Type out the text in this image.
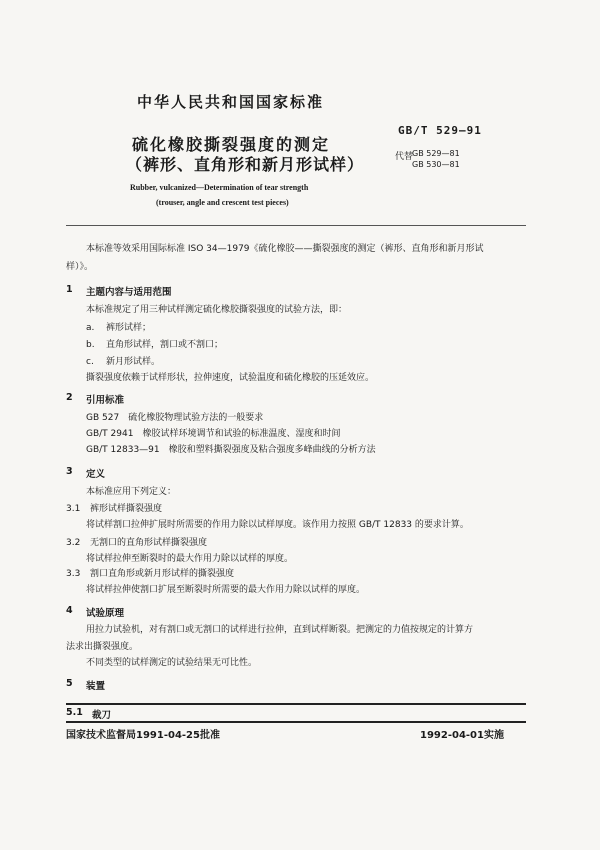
中华人民共和国国家标准
硫化橡胶撕裂强度的测定
GB/T 529—91
（裤形、直角形和新月形试样）	代替
GB 529—81
GB 530—81
Rubber, vulcanized—Determination of tear strength
(trouser, angle and crescent test pieces)
本标准等效采用国际标准 ISO 34—1979《硫化橡胶——撕裂强度的测定（裤形、直角形和新月形试
样）》。
1 主题内容与适用范围
本标准规定了用三种试样测定硫化橡胶撕裂强度的试验方法，即：
a. 裤形试样；
b. 直角形试样，割口或不割口；
c. 新月形试样。
撕裂强度依赖于试样形状，拉伸速度，试验温度和硫化橡胶的压延效应。
2 引用标准
GB 527　硫化橡胶物理试验方法的一般要求
GB/T 2941　橡胶试样环境调节和试验的标准温度、湿度和时间
GB/T 12833—91　橡胶和塑料撕裂强度及粘合强度多峰曲线的分析方法
3 定义
本标准应用下列定义：
3.1 裤形试样撕裂强度
将试样割口拉伸扩展时所需要的作用力除以试样厚度。该作用力按照 GB/T 12833 的要求计算。
3.2 无割口的直角形试样撕裂强度
将试样拉伸至断裂时的最大作用力除以试样的厚度。
3.3 割口直角形或新月形试样的撕裂强度
将试样拉伸使割口扩展至断裂时所需要的最大作用力除以试样的厚度。
4 试验原理
用拉力试验机，对有割口或无割口的试样进行拉伸，直到试样断裂。把测定的力值按规定的计算方
法求出撕裂强度。
不同类型的试样测定的试验结果无可比性。
5 装置
5.1 裁刀
国家技术监督局1991-04-25批准	1992-04-01实施
